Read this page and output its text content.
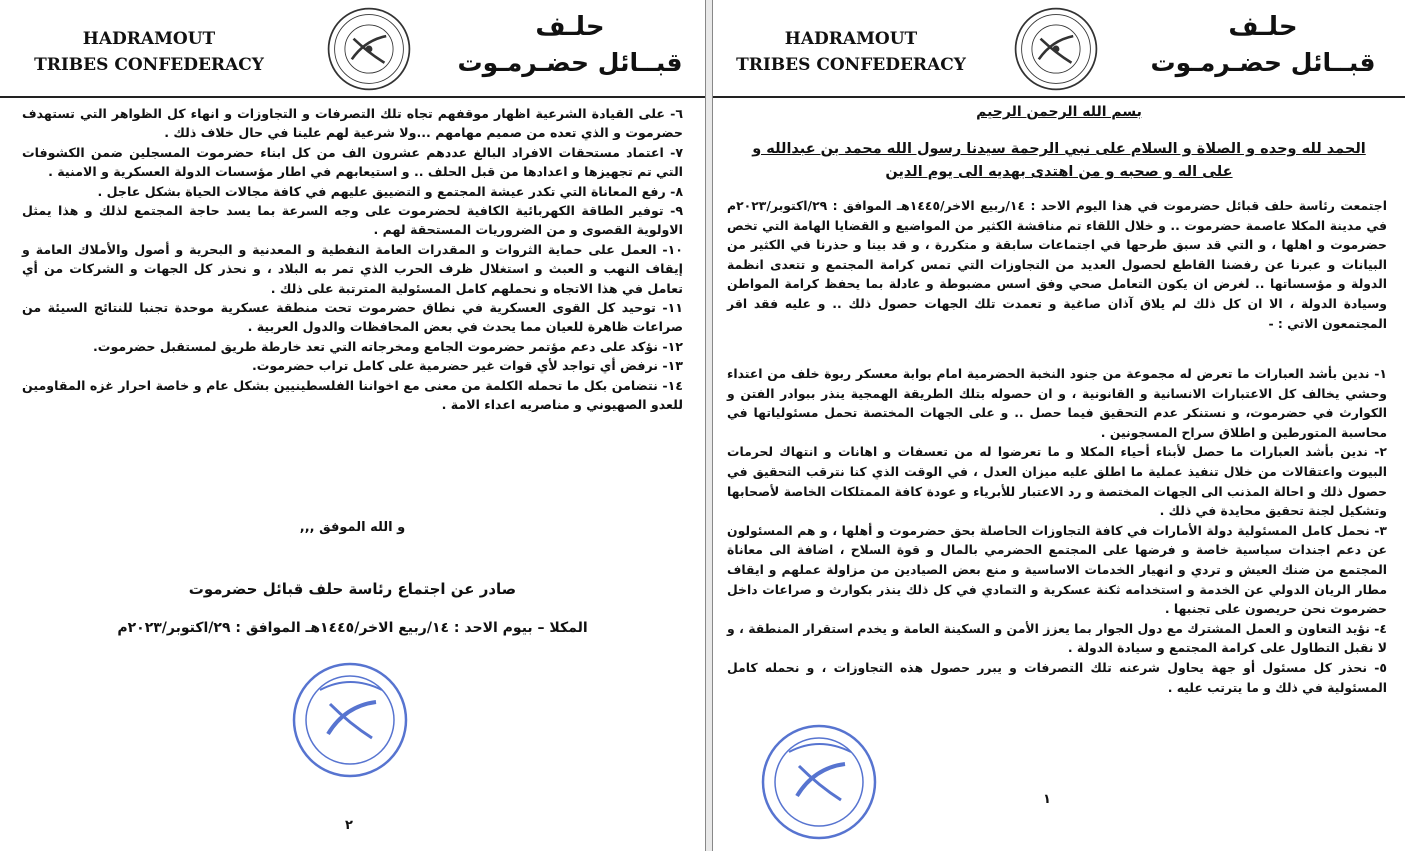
HADRAMOUT
TRIBES CONFEDERACY
حلـف
قبــائل حضـرمـوت

٦- على القيادة الشرعية اظهار موقفهم تجاه تلك التصرفات و التجاوزات و انهاء كل الظواهر التي تستهدف حضرموت و الذي تعده من صميم مهامهم ...ولا شرعية لهم علينا في حال خلاف ذلك .

٧- اعتماد مستحقات الافراد البالغ عددهم عشرون الف من كل ابناء حضرموت المسجلين ضمن الكشوفات التي تم تجهيزها و اعدادها من قبل الحلف .. و استيعابهم في اطار مؤسسات الدولة العسكرية و الامنية .

٨- رفع المعاناة التي تكدر عيشة المجتمع و التضييق عليهم في كافة مجالات الحياة بشكل عاجل .

٩- توفير الطاقة الكهربائية الكافية لحضرموت على وجه السرعة بما يسد حاجة المجتمع لذلك و هذا يمثل الاولوية القصوى و من الضروريات المستحقة لهم .

١٠- العمل على حماية الثروات و المقدرات العامة النفطية و المعدنية و البحرية و أصول والأملاك العامة و إيقاف النهب و العبث و استغلال ظرف الحرب الذي تمر به البلاد ، و نحذر كل الجهات و الشركات من أي تعامل في هذا الاتجاه و نحملهم كامل المسئولية المترتبة على ذلك .

١١- توحيد كل القوى العسكرية في نطاق حضرموت تحت منطقة عسكرية موحدة تجنبا للنتائج السيئة من صراعات ظاهرة للعيان مما يحدث في بعض المحافظات والدول العربية .

١٢- نؤكد على دعم مؤتمر حضرموت الجامع ومخرجاته التي تعد خارطة طريق لمستقبل حضرموت.

١٣- نرفض أي تواجد لأي قوات غير حضرمية على كامل تراب حضرموت.

١٤- نتضامن بكل ما تحمله الكلمة من معنى مع اخواننا الفلسطينيين بشكل عام و خاصة احرار غزه المقاومين للعدو الصهيوني و مناصريه اعداء الامة .

و الله الموفق ,,,
صادر عن اجتماع رئاسة حلف قبائل حضرموت
المكلا – بيوم الاحد : ١٤/ربيع الاخر/١٤٤٥هـ الموافق : ٢٩/اكتوبر/٢٠٢٣م
٢
HADRAMOUT
TRIBES CONFEDERACY
حلـف
قبــائل حضـرمـوت
بسم الله الرحمن الرحيم
الحمد لله وحده و الصلاة و السلام على نبي الرحمة سيدنا رسول الله محمد بن عبدالله و
على اله و صحبه و من اهتدى بهديه الى يوم الدين
اجتمعت رئاسة حلف قبائل حضرموت في هذا اليوم الاحد : ١٤/ربيع الاخر/١٤٤٥هـ الموافق : ٢٩/اكتوبر/٢٠٢٣م في مدينة المكلا عاصمة حضرموت .. و خلال اللقاء تم مناقشة الكثير من المواضيع و القضايا الهامة التي تخص حضرموت و اهلها ، و التي قد سبق طرحها في اجتماعات سابقة و متكررة ، و قد بينا و حذرنا في الكثير من البيانات و عبرنا عن رفضنا القاطع لحصول العديد من التجاوزات التي تمس كرامة المجتمع و تتعدى انظمة الدولة و مؤسساتها .. لغرض ان يكون التعامل صحي وفق اسس مضبوطة و عادلة بما يحفظ كرامة المواطن وسيادة الدولة ، الا ان كل ذلك لم يلاق آذان صاغية و تعمدت تلك الجهات حصول ذلك .. و عليه فقد اقر المجتمعون الاتي : -

١- ندين بأشد العبارات ما تعرض له مجموعة من جنود النخبة الحضرمية امام بوابة معسكر ربوة خلف من اعتداء وحشي يخالف كل الاعتبارات الانسانية و القانونية ، و ان حصوله بتلك الطريقة الهمجية ينذر ببوادر الفتن و الكوارث في حضرموت، و نستنكر عدم التحقيق فيما حصل .. و على الجهات المختصة تحمل مسئولياتها في محاسبة المتورطين و اطلاق سراح المسجونين .

٢- ندين بأشد العبارات ما حصل لأبناء أحياء المكلا و ما تعرضوا له من تعسفات و اهانات و انتهاك لحرمات البيوت واعتقالات من خلال تنفيذ عملية ما اطلق عليه ميزان العدل ، في الوقت الذي كنا نترقب التحقيق في حصول ذلك و احالة المذنب الى الجهات المختصة و رد الاعتبار للأبرياء و عودة كافة الممتلكات الخاصة لأصحابها وتشكيل لجنة تحقيق محايدة في ذلك .

٣- نحمل كامل المسئولية دولة الأمارات في كافة التجاوزات الحاصلة بحق حضرموت و أهلها ، و هم المسئولون عن دعم اجندات سياسية خاصة و فرضها على المجتمع الحضرمي بالمال و قوة السلاح ، اضافة الى معاناة المجتمع من ضنك العيش و تردي و انهيار الخدمات الاساسية و منع بعض الصيادين من مزاولة عملهم و ايقاف مطار الريان الدولي عن الخدمة و استخدامه ثكنة عسكرية و التمادي في كل ذلك ينذر بكوارث و صراعات داخل حضرموت نحن حريصون على تجنبها .

٤- نؤيد التعاون و العمل المشترك مع دول الجوار بما يعزز الأمن و السكينة العامة و يخدم استقرار المنطقة ، و لا نقبل التطاول على كرامة المجتمع و سيادة الدولة .

٥- نحذر كل مسئول أو جهة يحاول شرعنه تلك التصرفات و يبرر حصول هذه التجاوزات ، و نحمله كامل المسئولية في ذلك و ما يترتب عليه .

١
